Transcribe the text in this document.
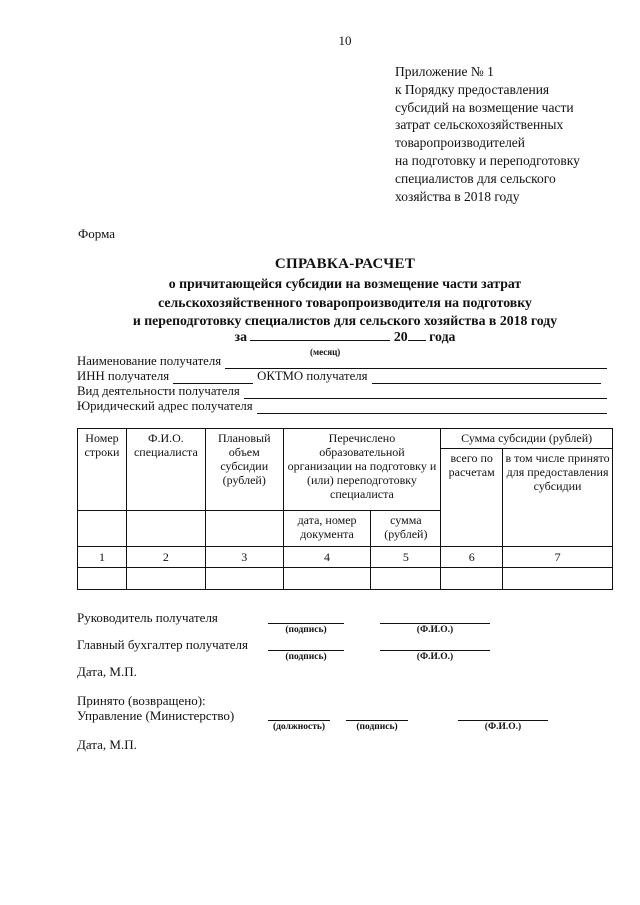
10
Приложение № 1
к Порядку предоставления
субсидий на возмещение части
затрат сельскохозяйственных
товаропроизводителей
на подготовку и переподготовку
специалистов для сельского
хозяйства в 2018 году
Форма
СПРАВКА-РАСЧЕТ
о причитающейся субсидии на возмещение части затрат
сельскохозяйственного товаропроизводителя на подготовку
и переподготовку специалистов для сельского хозяйства в 2018 году
за	20 года
(месяц)
Наименование получателя
ИНН получателя	ОКТМО получателя
Вид деятельности получателя
Юридический адрес получателя
Номер строки	Ф.И.О. специалиста	Плановый объем субсидии (рублей)	Перечислено образовательной организации на подготовку и (или) переподготовку специалиста		Сумма субсидии (рублей)	
					всего по расчетам	в том числе принято для предоставления субсидии
			дата, номер документа	сумма (рублей)		
1	2	3	4	5	6	7

Руководитель получателя
(подпись)	(Ф.И.О.)
Главный бухгалтер получателя
(подпись)	(Ф.И.О.)
Дата, М.П.
Принято (возвращено):
Управление (Министерство)
(должность)	(подпись)	(Ф.И.О.)
Дата, М.П.
